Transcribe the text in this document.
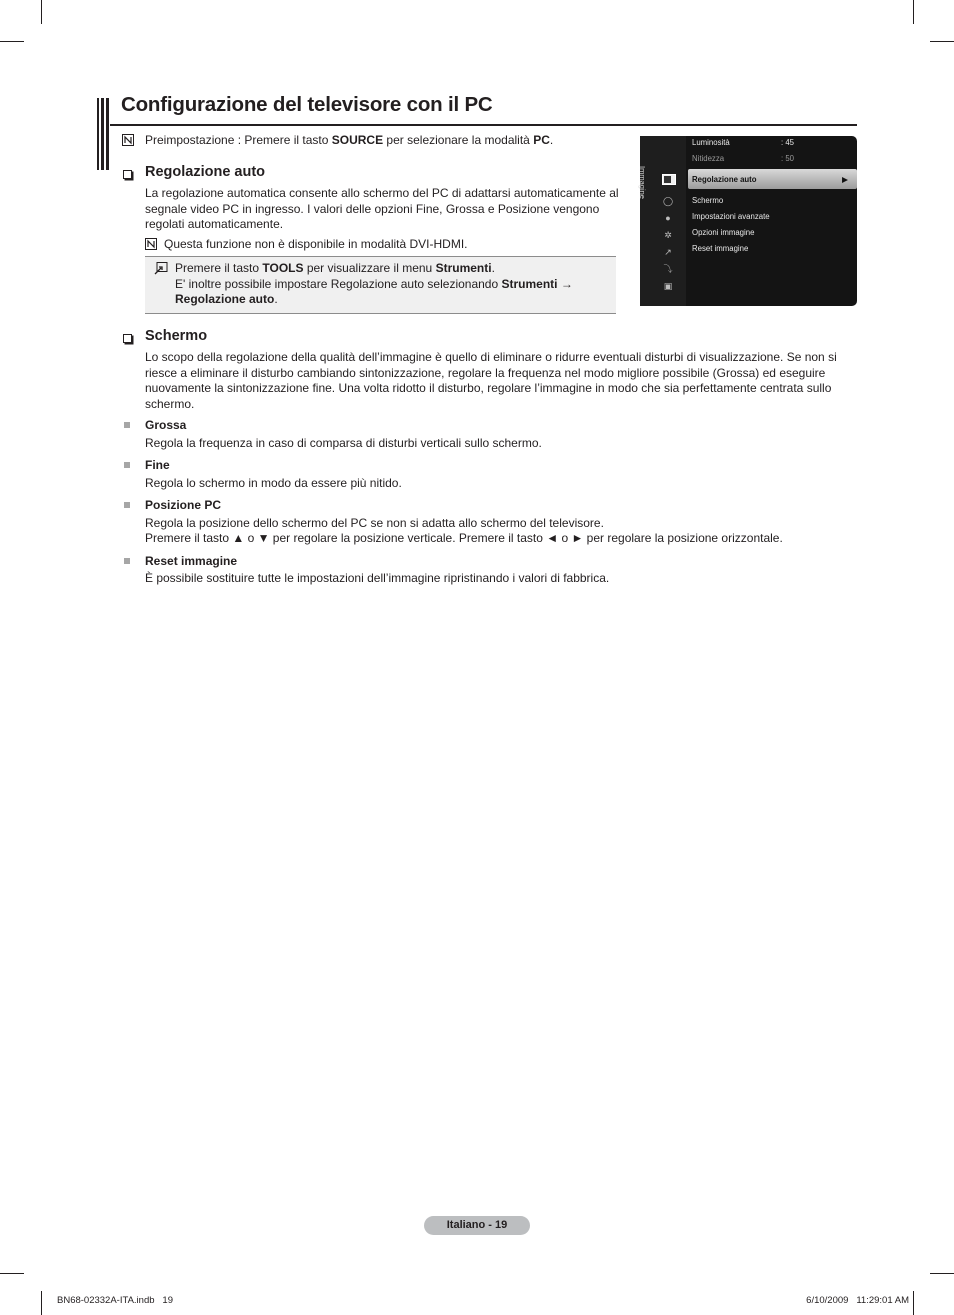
Configurazione del televisore con il PC

Preimpostazione : Premere il tasto SOURCE per selezionare la modalità PC.

Regolazione auto

La regolazione automatica consente allo schermo del PC di adattarsi automaticamente al segnale video PC in ingresso. I valori delle opzioni Fine, Grossa e Posizione vengono regolati automaticamente.

Questa funzione non è disponibile in modalità DVI-HDMI.

Premere il tasto TOOLS per visualizzare il menu Strumenti.

E' inoltre possibile impostare Regolazione auto selezionando Strumenti →

Regolazione auto.

Immagine
◯
●
✲
↗
⤵
▣
Luminosità	: 45
Nitidezza	: 50
Regolazione auto	▶
Schermo
Impostazioni avanzate
Opzioni immagine
Reset immagine
Schermo

Lo scopo della regolazione della qualità dell’immagine è quello di eliminare o ridurre eventuali disturbi di visualizzazione. Se non si riesce a eliminare il disturbo cambiando sintonizzazione, regolare la frequenza nel modo migliore possibile (Grossa) ed eseguire nuovamente la sintonizzazione fine. Una volta ridotto il disturbo, regolare l’immagine in modo che sia perfettamente centrata sullo schermo.

Grossa

Regola la frequenza in caso di comparsa di disturbi verticali sullo schermo.

Fine

Regola lo schermo in modo da essere più nitido.

Posizione PC

Regola la posizione dello schermo del PC se non si adatta allo schermo del televisore.

Premere il tasto ▲ o ▼ per regolare la posizione verticale. Premere il tasto ◄ o ► per regolare la posizione orizzontale.

Reset immagine

È possibile sostituire tutte le impostazioni dell’immagine ripristinando i valori di fabbrica.

Italiano - 19
BN68-02332A-ITA.indb   19	6/10/2009   11:29:01 AM
